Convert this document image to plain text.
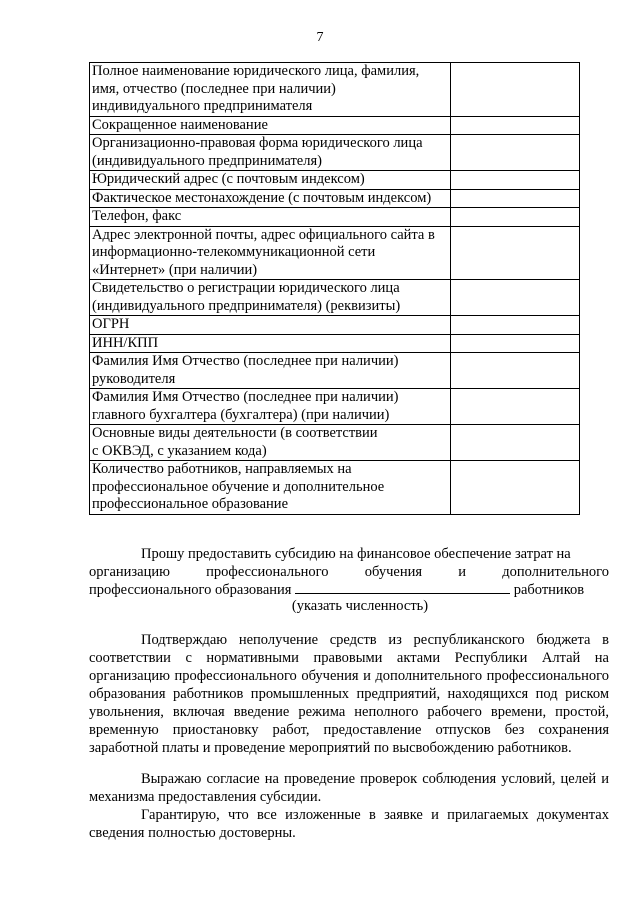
7
Полное наименование юридического лица, фамилия,
имя, отчество (последнее при наличии)
индивидуального предпринимателя	

Сокращенное наименование	

Организационно-правовая форма юридического лица
(индивидуального предпринимателя)	

Юридический адрес (с почтовым индексом)	

Фактическое местонахождение (с почтовым индексом)	

Телефон, факс	

Адрес электронной почты, адрес официального сайта в
информационно-телекоммуникационной сети
«Интернет» (при наличии)	

Свидетельство о регистрации юридического лица
(индивидуального предпринимателя) (реквизиты)	

ОГРН	

ИНН/КПП	

Фамилия Имя Отчество (последнее при наличии)
руководителя	

Фамилия Имя Отчество (последнее при наличии)
главного бухгалтера (бухгалтера) (при наличии)	

Основные виды деятельности (в соответствии
с ОКВЭД, с указанием кода)	

Количество работников, направляемых на
профессиональное обучение и дополнительное
профессиональное образование	

Прошу предоставить субсидию на финансовое обеспечение затрат на
организацию	профессионального	обучения	и	дополнительного
профессионального образования	работников
(указать численность)

Подтверждаю неполучение средств из республиканского бюджета в соответствии с нормативными правовыми актами Республики Алтай на организацию профессионального обучения и дополнительного профессионального образования работников промышленных предприятий, находящихся под риском увольнения, включая введение режима неполного рабочего времени, простой, временную приостановку работ, предоставление отпусков без сохранения заработной платы и проведение мероприятий по высвобождению работников.

Выражаю согласие на проведение проверок соблюдения условий, целей и механизма предоставления субсидии.

Гарантирую, что все изложенные в заявке и прилагаемых документах сведения полностью достоверны.
